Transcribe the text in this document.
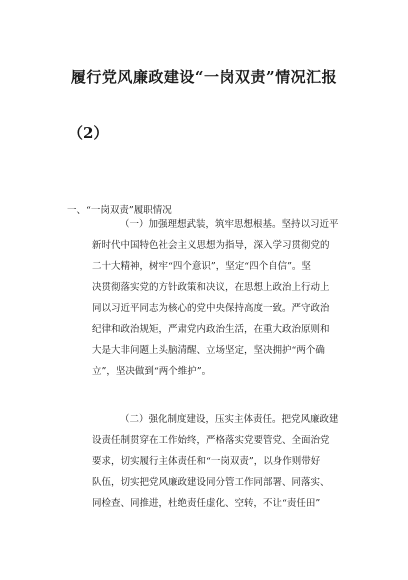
履行党风廉政建设“一岗双责”情况汇报
（2）
一、“一岗双责”履职情况
（一）加强理想武装，筑牢思想根基。坚持以习近平
新时代中国特色社会主义思想为指导，深入学习贯彻党的
二十大精神，树牢“四个意识”，坚定“四个自信”。坚
决贯彻落实党的方针政策和决议，在思想上政治上行动上
同以习近平同志为核心的党中央保持高度一致。严守政治
纪律和政治规矩，严肃党内政治生活，在重大政治原则和
大是大非问题上头脑清醒、立场坚定，坚决拥护“两个确
立”，坚决做到“两个维护”。
（二）强化制度建设，压实主体责任。把党风廉政建
设责任制贯穿在工作始终，严格落实党要管党、全面治党
要求，切实履行主体责任和“一岗双责”，以身作则带好
队伍，切实把党风廉政建设同分管工作同部署、同落实、
同检查、同推进，杜绝责任虚化、空转，不让“责任田”
